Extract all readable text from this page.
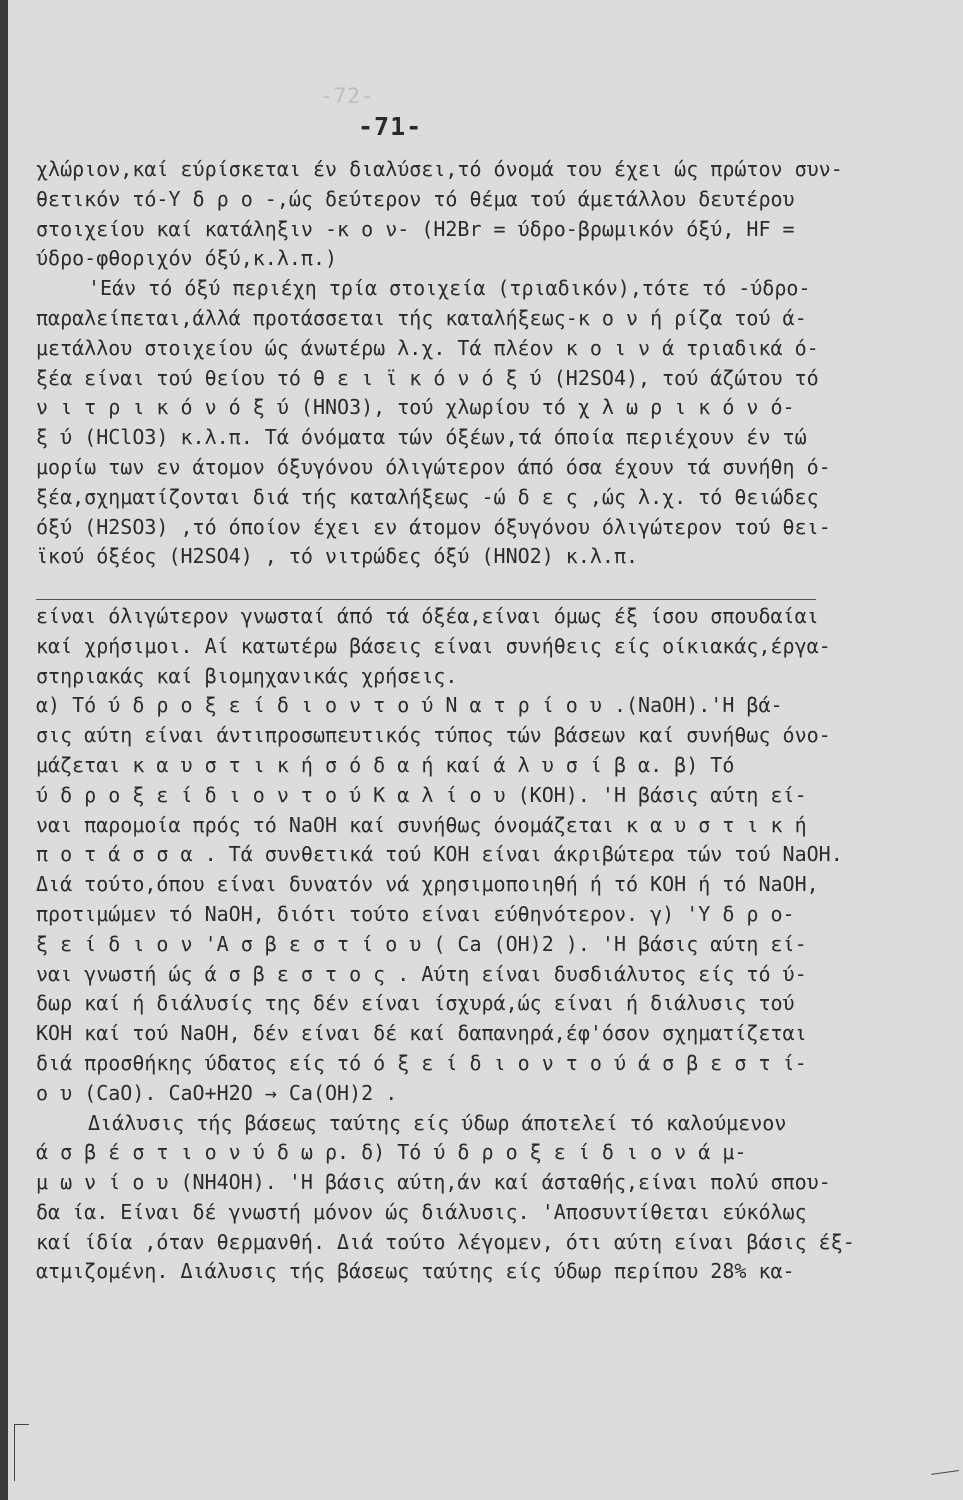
-72-
-71-
χλώριον,καί εύρίσκεται έν διαλύσει,τό όνομά του έχει ώς πρώτον συν-
θετικόν τό-Υ δ ρ ο -,ώς δεύτερον τό θέμα τού άμετάλλου δευτέρου
στοιχείου καί κατάληξιν -κ ο ν- (H2Br = ύδρο-βρωμικόν όξύ, HF =
ύδρο-φθοριχόν όξύ,κ.λ.π.)
'Εάν τό όξύ περιέχη τρία στοιχεία (τριαδικόν),τότε τό -ύδρο-
παραλείπεται,άλλά προτάσσεται τής καταλήξεως-κ ο ν ή ρίζα τού ά-
μετάλλου στοιχείου ώς άνωτέρω λ.χ. Τά πλέον κ ο ι ν ά τριαδικά ό-
ξέα είναι τού θείου τό θ ε ι ϊ κ ό ν ό ξ ύ (H2SO4), τού άζώτου τό
ν ι τ ρ ι κ ό ν ό ξ ύ (HNO3), τού χλωρίου τό χ λ ω ρ ι κ ό ν ό-
ξ ύ (HClO3) κ.λ.π. Τά όνόματα τών όξέων,τά όποία περιέχουν έν τώ
μορίω των εν άτομον όξυγόνου όλιγώτερον άπό όσα έχουν τά συνήθη ό-
ξέα,σχηματίζονται διά τής καταλήξεως -ώ δ ε ς ,ώς λ.χ. τό θειώδες
όξύ (H2SO3) ,τό όποίον έχει εν άτομον όξυγόνου όλιγώτερον τού θει-
ϊκού όξέος (H2SO4) , τό νιτρώδες όξύ (HNO2) κ.λ.π.

είναι όλιγώτερον γνωσταί άπό τά όξέα,είναι όμως έξ ίσου σπουδαίαι
καί χρήσιμοι. Αί κατωτέρω βάσεις είναι συνήθεις είς οίκιακάς,έργα-
στηριακάς καί βιομηχανικάς χρήσεις.
α) Τό ύ δ ρ ο ξ ε ί δ ι ο ν τ ο ύ Ν α τ ρ ί ο υ .(NaOH).'Η βά-
σις αύτη είναι άντιπροσωπευτικός τύπος τών βάσεων καί συνήθως όνο-
μάζεται κ α υ σ τ ι κ ή σ ό δ α ή καί ά λ υ σ ί β α. β) Τό
ύ δ ρ ο ξ ε ί δ ι ο ν τ ο ύ Κ α λ ί ο υ (KOH). 'Η βάσις αύτη εί-
ναι παρομοία πρός τό NaOH καί συνήθως όνομάζεται κ α υ σ τ ι κ ή
π ο τ ά σ σ α . Τά συνθετικά τού KOH είναι άκριβώτερα τών τού NaOH.
Διά τούτο,όπου είναι δυνατόν νά χρησιμοποιηθή ή τό KOH ή τό NaOH,
προτιμώμεν τό NaOH, διότι τούτο είναι εύθηνότερον. γ) 'Υ δ ρ ο-
ξ ε ί δ ι ο ν 'Α σ β ε σ τ ί ο υ ( Ca (OH)2 ). 'Η βάσις αύτη εί-
ναι γνωστή ώς ά σ β ε σ τ ο ς . Αύτη είναι δυσδιάλυτος είς τό ύ-
δωρ καί ή διάλυσίς της δέν είναι ίσχυρά,ώς είναι ή διάλυσις τού
KOH καί τού NaOH, δέν είναι δέ καί δαπανηρά,έφ'όσον σχηματίζεται
διά προσθήκης ύδατος είς τό ό ξ ε ί δ ι ο ν τ ο ύ ά σ β ε σ τ ί-
ο υ (CaO). CaO+H2O → Ca(OH)2 .
Διάλυσις τής βάσεως ταύτης είς ύδωρ άποτελεί τό καλούμενον
ά σ β έ σ τ ι ο ν ύ δ ω ρ. δ) Τό ύ δ ρ ο ξ ε ί δ ι ο ν ά μ-
μ ω ν ί ο υ (NH4OH). 'Η βάσις αύτη,άν καί άσταθής,είναι πολύ σπου-
δα ία. Είναι δέ γνωστή μόνον ώς διάλυσις. 'Αποσυντίθεται εύκόλως
καί ίδία ,όταν θερμανθή. Διά τούτο λέγομεν, ότι αύτη είναι βάσις έξ-
ατμιζομένη. Διάλυσις τής βάσεως ταύτης είς ύδωρ περίπου 28% κα-
